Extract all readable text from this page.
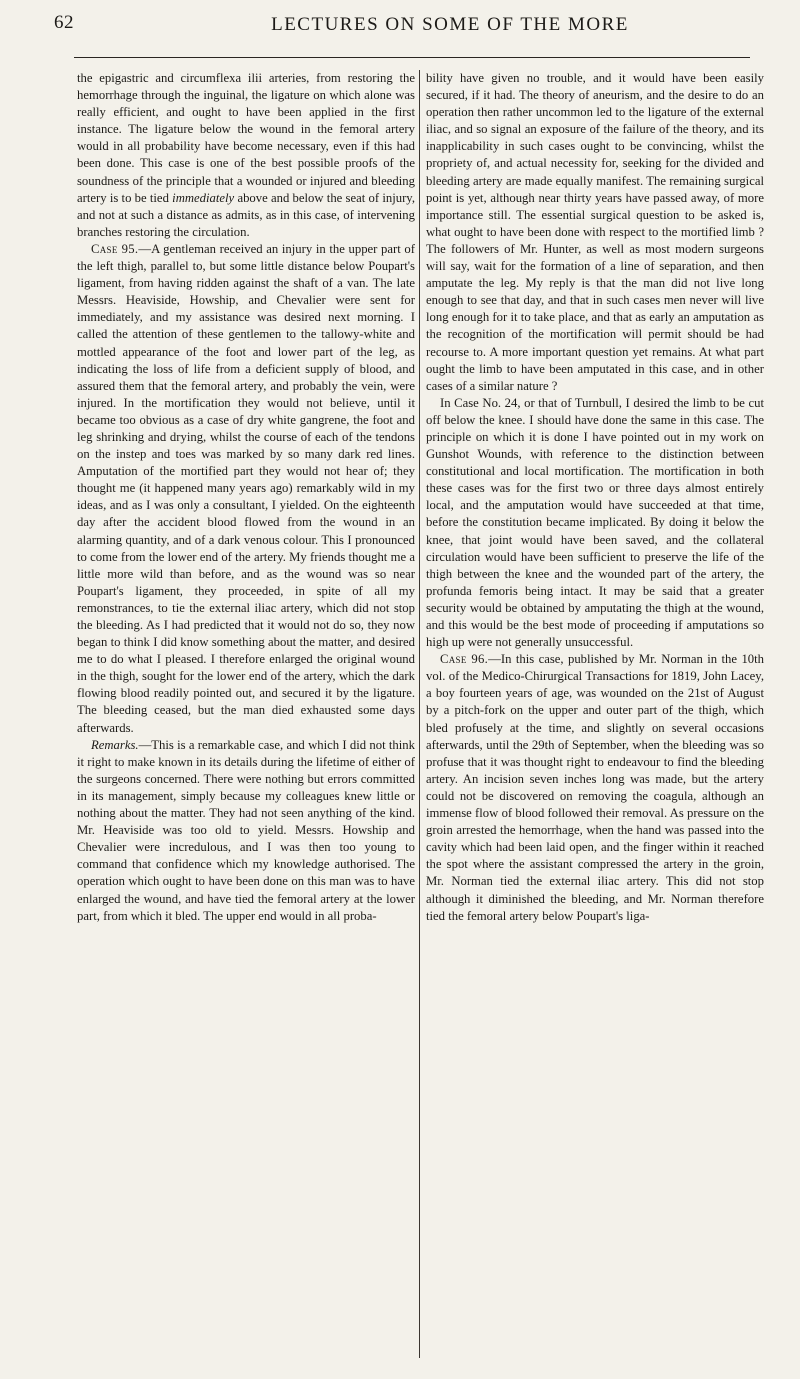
62	LECTURES ON SOME OF THE MORE

the epigastric and circumflexa ilii arteries, from restoring the hemorrhage through the inguinal, the ligature on which alone was really efficient, and ought to have been applied in the first instance. The ligature below the wound in the femoral artery would in all probability have become necessary, even if this had been done. This case is one of the best possible proofs of the soundness of the principle that a wounded or injured and bleeding artery is to be tied immediately above and below the seat of injury, and not at such a distance as admits, as in this case, of intervening branches restoring the circulation.

Case 95.—A gentleman received an injury in the upper part of the left thigh, parallel to, but some little distance below Poupart's ligament, from having ridden against the shaft of a van. The late Messrs. Heaviside, Howship, and Chevalier were sent for immediately, and my assistance was desired next morning. I called the attention of these gentlemen to the tallowy-white and mottled appearance of the foot and lower part of the leg, as indicating the loss of life from a deficient supply of blood, and assured them that the femoral artery, and probably the vein, were injured. In the mortification they would not believe, until it became too obvious as a case of dry white gangrene, the foot and leg shrinking and drying, whilst the course of each of the tendons on the instep and toes was marked by so many dark red lines. Amputation of the mortified part they would not hear of; they thought me (it happened many years ago) remarkably wild in my ideas, and as I was only a consultant, I yielded. On the eighteenth day after the accident blood flowed from the wound in an alarming quantity, and of a dark venous colour. This I pronounced to come from the lower end of the artery. My friends thought me a little more wild than before, and as the wound was so near Poupart's ligament, they proceeded, in spite of all my remonstrances, to tie the external iliac artery, which did not stop the bleeding. As I had predicted that it would not do so, they now began to think I did know something about the matter, and desired me to do what I pleased. I therefore enlarged the original wound in the thigh, sought for the lower end of the artery, which the dark flowing blood readily pointed out, and secured it by the ligature. The bleeding ceased, but the man died exhausted some days afterwards.

Remarks.—This is a remarkable case, and which I did not think it right to make known in its details during the lifetime of either of the surgeons concerned. There were nothing but errors committed in its management, simply because my colleagues knew little or nothing about the matter. They had not seen anything of the kind. Mr. Heaviside was too old to yield. Messrs. Howship and Chevalier were incredulous, and I was then too young to command that confidence which my knowledge authorised. The operation which ought to have been done on this man was to have enlarged the wound, and have tied the femoral artery at the lower part, from which it bled. The upper end would in all proba-

bility have given no trouble, and it would have been easily secured, if it had. The theory of aneurism, and the desire to do an operation then rather uncommon led to the ligature of the external iliac, and so signal an exposure of the failure of the theory, and its inapplicability in such cases ought to be convincing, whilst the propriety of, and actual necessity for, seeking for the divided and bleeding artery are made equally manifest. The remaining surgical point is yet, although near thirty years have passed away, of more importance still. The essential surgical question to be asked is, what ought to have been done with respect to the mortified limb ? The followers of Mr. Hunter, as well as most modern surgeons will say, wait for the formation of a line of separation, and then amputate the leg. My reply is that the man did not live long enough to see that day, and that in such cases men never will live long enough for it to take place, and that as early an amputation as the recognition of the mortification will permit should be had recourse to. A more important question yet remains. At what part ought the limb to have been amputated in this case, and in other cases of a similar nature ?

In Case No. 24, or that of Turnbull, I desired the limb to be cut off below the knee. I should have done the same in this case. The principle on which it is done I have pointed out in my work on Gunshot Wounds, with reference to the distinction between constitutional and local mortification. The mortification in both these cases was for the first two or three days almost entirely local, and the amputation would have succeeded at that time, before the constitution became implicated. By doing it below the knee, that joint would have been saved, and the collateral circulation would have been sufficient to preserve the life of the thigh between the knee and the wounded part of the artery, the profunda femoris being intact. It may be said that a greater security would be obtained by amputating the thigh at the wound, and this would be the best mode of proceeding if amputations so high up were not generally unsuccessful.

Case 96.—In this case, published by Mr. Norman in the 10th vol. of the Medico-Chirurgical Transactions for 1819, John Lacey, a boy fourteen years of age, was wounded on the 21st of August by a pitch-fork on the upper and outer part of the thigh, which bled profusely at the time, and slightly on several occasions afterwards, until the 29th of September, when the bleeding was so profuse that it was thought right to endeavour to find the bleeding artery. An incision seven inches long was made, but the artery could not be discovered on removing the coagula, although an immense flow of blood followed their removal. As pressure on the groin arrested the hemorrhage, when the hand was passed into the cavity which had been laid open, and the finger within it reached the spot where the assistant compressed the artery in the groin, Mr. Norman tied the external iliac artery. This did not stop although it diminished the bleeding, and Mr. Norman therefore tied the femoral artery below Poupart's liga-
